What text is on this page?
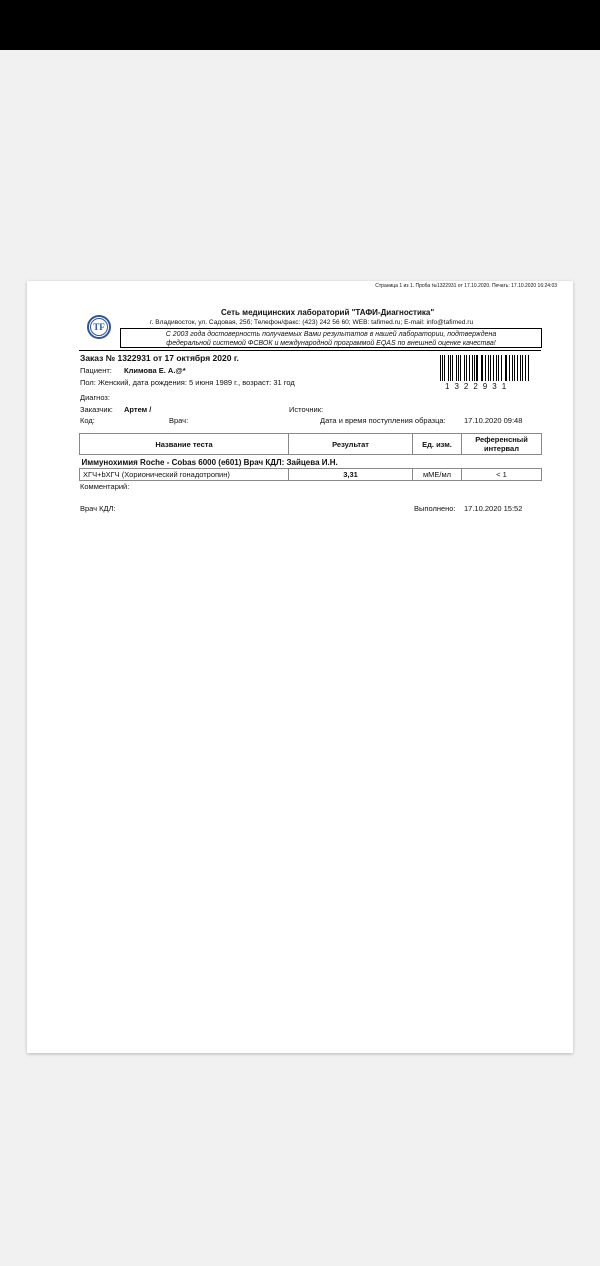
Страница 1 из 1. Проба №1322931 от 17.10.2020. Печать: 17.10.2020 16:24:03
TF
Сеть медицинских лабораторий "ТАФИ-Диагностика"
г. Владивосток, ул. Садовая, 25б; Телефон/факс: (423) 242 56 60; WEB: tafimed.ru; E-mail: info@tafimed.ru
С 2003 года достоверность получаемых Вами результатов в нашей лаборатории, подтверждена
федеральной системой ФСВОК и международной программой EQAS по внешней оценке качества!
Заказ № 1322931 от 17 октября 2020 г.
Пациент: Климова Е. А.@*
Пол: Женский, дата рождения: 5 июня 1989 г., возраст: 31 год	1322931
Диагноз:
Заказчик: Артем /	Источник:
Код:	Врач:	Дата и время поступления образца: 17.10.2020 09:48
Название теста	Результат	Ед. изм.	Референсный интервал
Иммунохимия Roche - Cobas 6000 (e601) Врач КДЛ: Зайцева И.Н.			
ХГЧ+bХГЧ (Хорионический гонадотропин)	3,31	мМЕ/мл	< 1
Комментарий:
Врач КДЛ:	Выполнено: 17.10.2020 15:52
